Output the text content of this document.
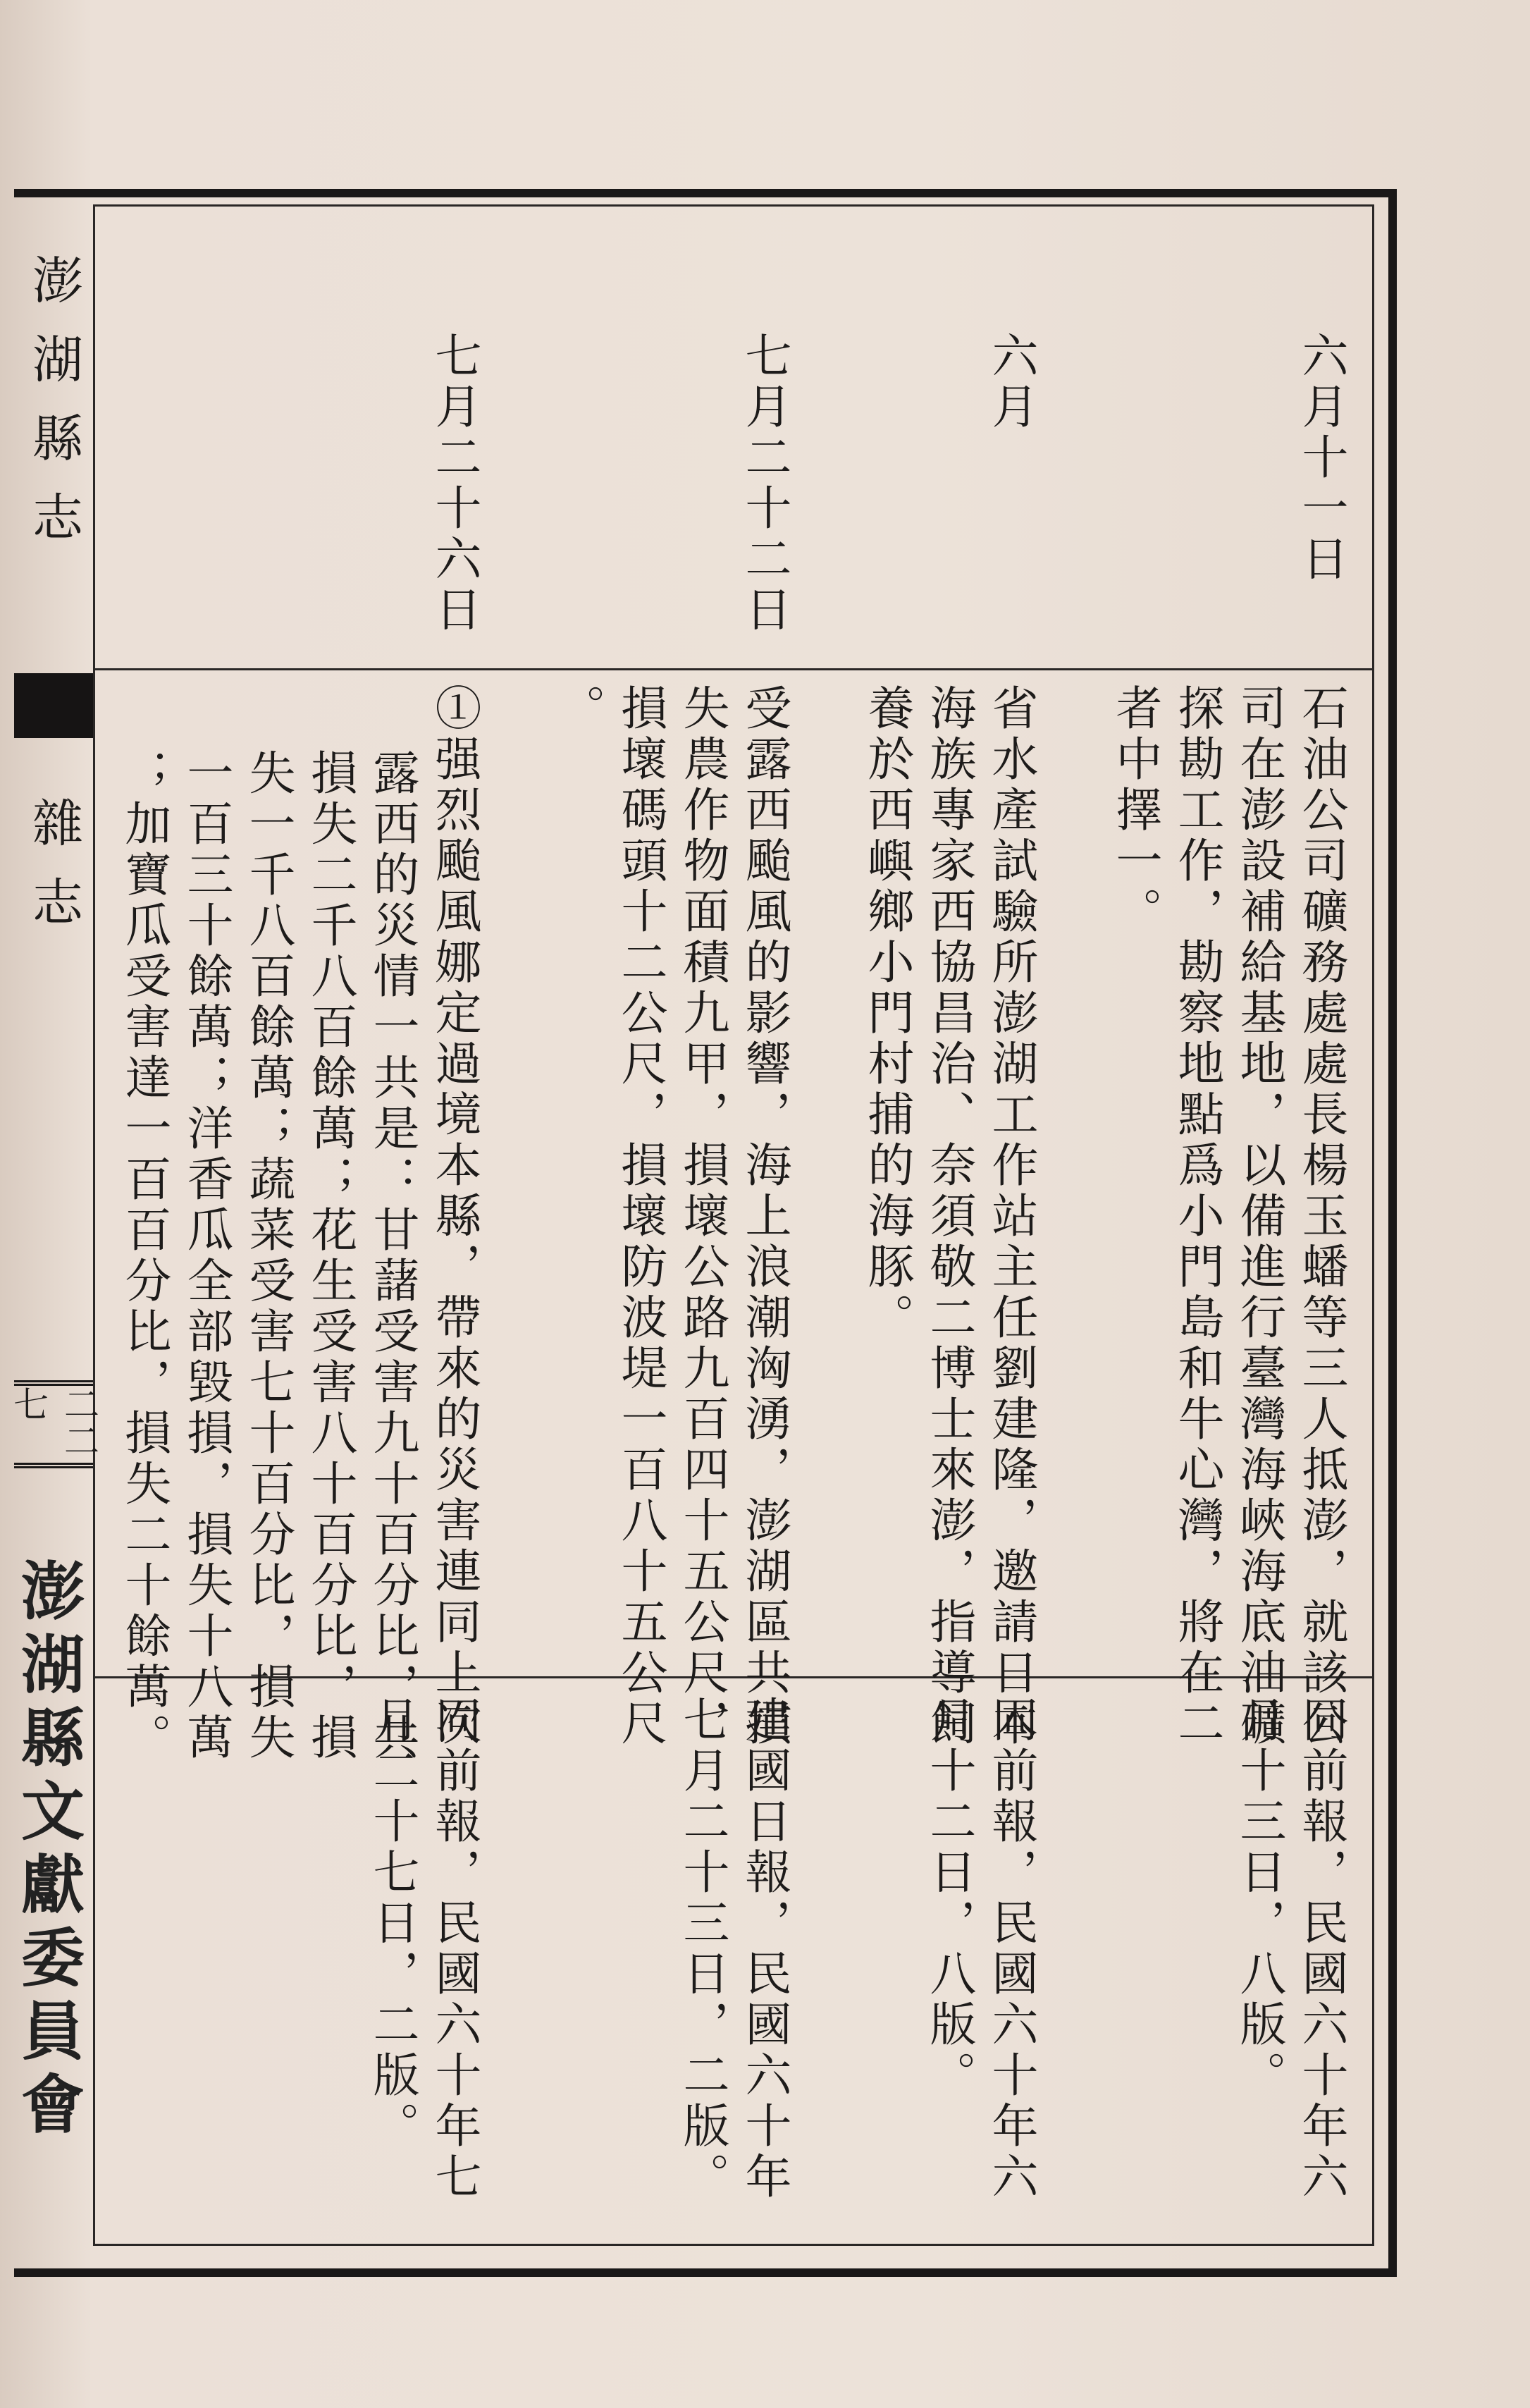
澎湖縣志
雜志
二二七
澎湖縣文獻委員會
六月十一日
石油公司礦務處處長楊玉蟠等三人抵澎，就該公
司在澎設補給基地，以備進行臺灣海峽海底油礦
探勘工作，勘察地點爲小門島和牛心灣，將在二
者中擇一。
同前報，民國六十年六
月十三日，八版。
六月
省水產試驗所澎湖工作站主任劉建隆，邀請日本
海族專家西協昌治、奈須敬二博士來澎，指導飼
養於西嶼鄉小門村捕的海豚。
同前報，民國六十年六
月十二日，八版。
七月二十二日
受露西颱風的影響，海上浪潮洶湧，澎湖區共損
失農作物面積九甲，損壞公路九百四十五公尺，
損壞碼頭十二公尺，損壞防波堤一百八十五公尺
。
建國日報，民國六十年
七月二十三日，二版。
七月二十六日
①强烈颱風娜定過境本縣，帶來的災害連同上次
露西的災情一共是：甘藷受害九十百分比，共
損失二千八百餘萬；花生受害八十百分比，損
失一千八百餘萬；蔬菜受害七十百分比，損失
一百三十餘萬；洋香瓜全部毀損，損失十八萬
；加寶瓜受害達一百百分比，損失二十餘萬。
同前報，民國六十年七
月二十七日，二版。
